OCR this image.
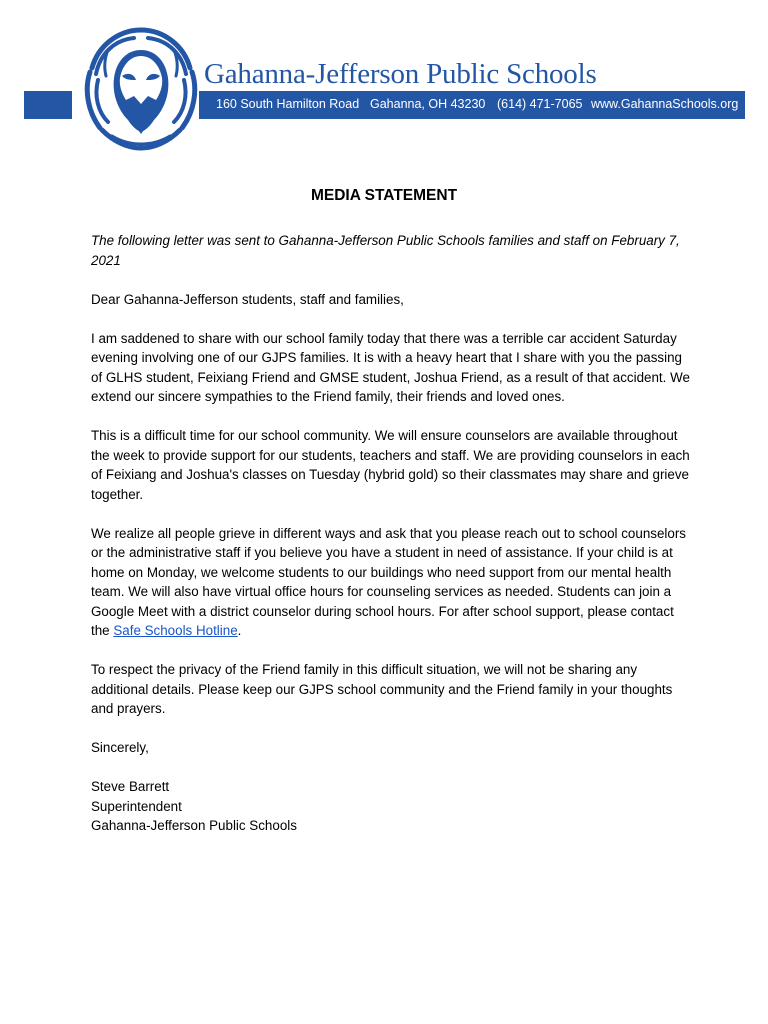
160 South Hamilton Road Gahanna, OH 43230 (614) 471-7065 www.GahannaSchools.org
Gahanna-Jefferson Public Schools
MEDIA STATEMENT

The following letter was sent to Gahanna-Jefferson Public Schools families and staff on February 7, 2021

Dear Gahanna-Jefferson students, staff and families,

I am saddened to share with our school family today that there was a terrible car accident Saturday evening involving one of our GJPS families. It is with a heavy heart that I share with you the passing of GLHS student, Feixiang Friend and GMSE student, Joshua Friend, as a result of that accident. We extend our sincere sympathies to the Friend family, their friends and loved ones.

This is a difficult time for our school community. We will ensure counselors are available throughout the week to provide support for our students, teachers and staff. We are providing counselors in each of Feixiang and Joshua's classes on Tuesday (hybrid gold) so their classmates may share and grieve together.

We realize all people grieve in different ways and ask that you please reach out to school counselors or the administrative staff if you believe you have a student in need of assistance. If your child is at home on Monday, we welcome students to our buildings who need support from our mental health team. We will also have virtual office hours for counseling services as needed. Students can join a Google Meet with a district counselor during school hours. For after school support, please contact the Safe Schools Hotline.

To respect the privacy of the Friend family in this difficult situation, we will not be sharing any additional details. Please keep our GJPS school community and the Friend family in your thoughts and prayers.

Sincerely,

Steve Barrett

Superintendent

Gahanna-Jefferson Public Schools
